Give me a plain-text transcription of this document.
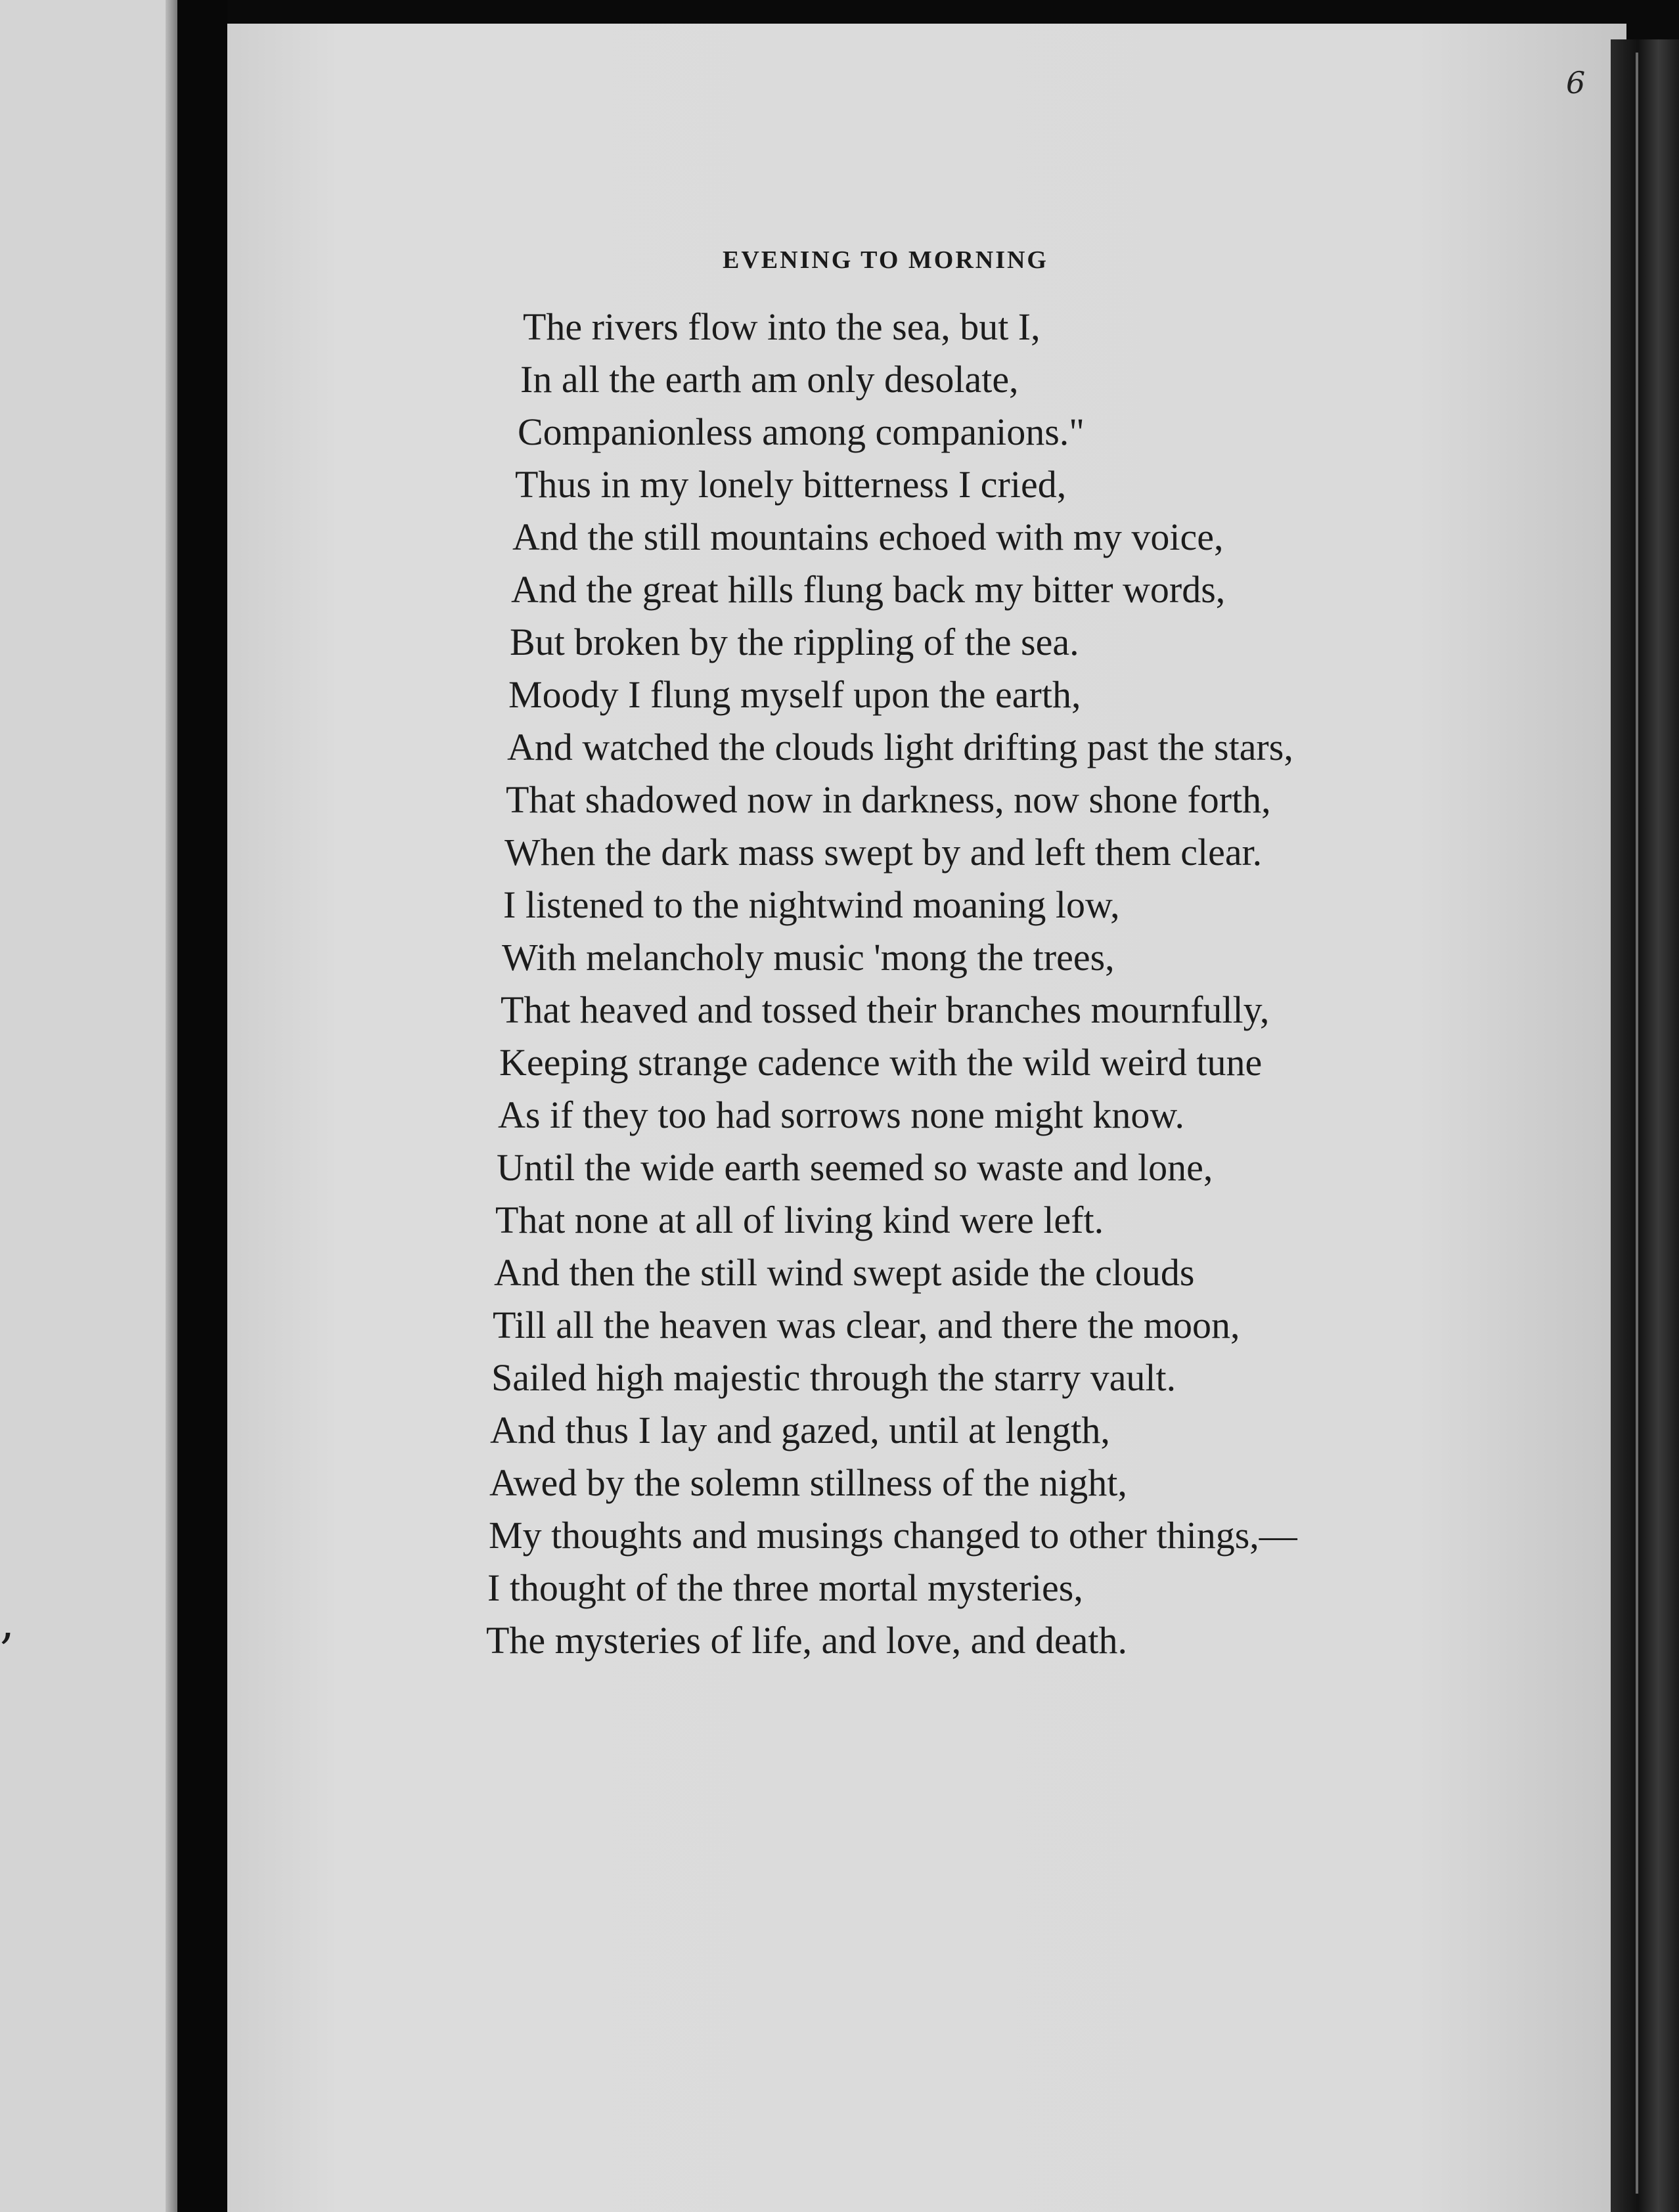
,
6
EVENING TO MORNING
The rivers flow into the sea, but I,
In all the earth am only desolate,
Companionless among companions."
Thus in my lonely bitterness I cried,
And the still mountains echoed with my voice,
And the great hills flung back my bitter words,
But broken by the rippling of the sea.
Moody I flung myself upon the earth,
And watched the clouds light drifting past the stars,
That shadowed now in darkness, now shone forth,
When the dark mass swept by and left them clear.
I listened to the nightwind moaning low,
With melancholy music 'mong the trees,
That heaved and tossed their branches mournfully,
Keeping strange cadence with the wild weird tune
As if they too had sorrows none might know.
Until the wide earth seemed so waste and lone,
That none at all of living kind were left.
And then the still wind swept aside the clouds
Till all the heaven was clear, and there the moon,
Sailed high majestic through the starry vault.
And thus I lay and gazed, until at length,
Awed by the solemn stillness of the night,
My thoughts and musings changed to other things,—
I thought of the three mortal mysteries,
The mysteries of life, and love, and death.
